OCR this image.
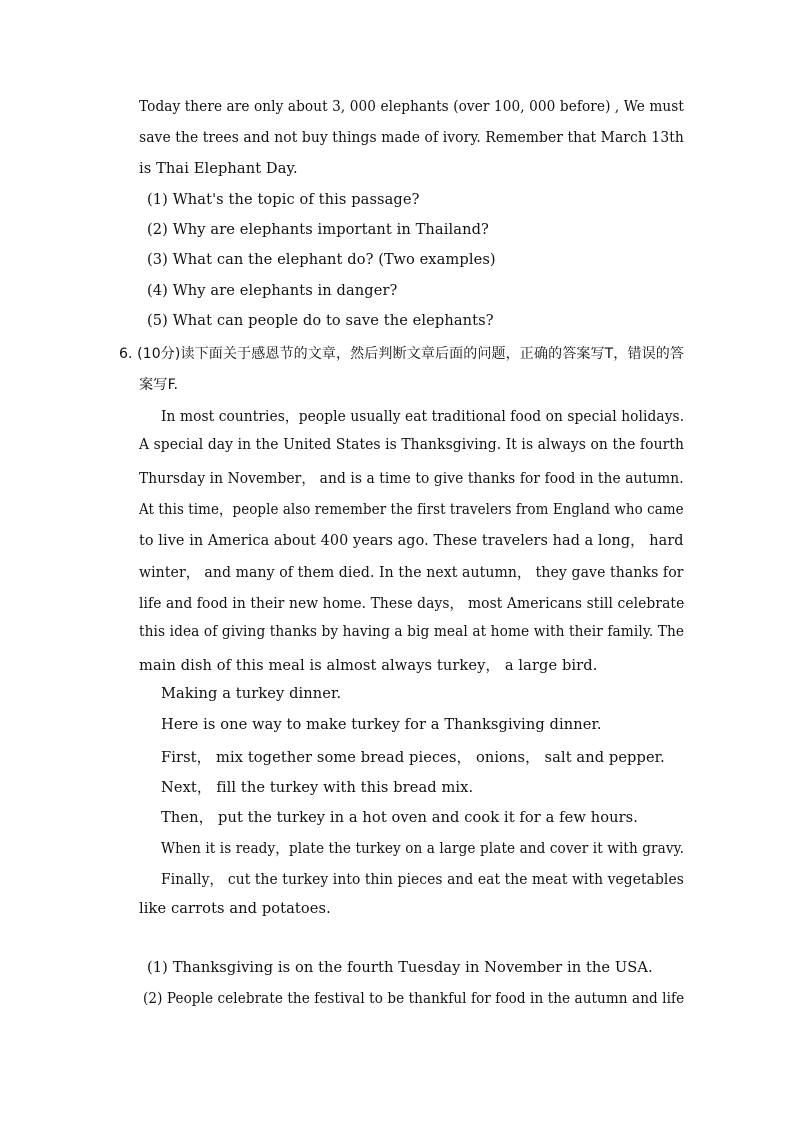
Today there are only about 3, 000 elephants (over 100, 000 before) , We must
save the trees and not buy things made of ivory. Remember that March 13th
is Thai Elephant Day.
(1) What's the topic of this passage?
(2) Why are elephants important in Thailand?
(3) What can the elephant do? (Two examples)
(4) Why are elephants in danger?
(5) What can people do to save the elephants?
6. (10分)读下面关于感恩节的文章，然后判断文章后面的问题，正确的答案写T，错误的答
案写F.
In most countries，people usually eat traditional food on special holidays.
A special day in the United States is Thanksgiving. It is always on the fourth
Thursday in November， and is a time to give thanks for food in the autumn.
At this time，people also remember the first travelers from England who came
to live in America about 400 years ago. These travelers had a long， hard
winter， and many of them died. In the next autumn， they gave thanks for
life and food in their new home. These days， most Americans still celebrate
this idea of giving thanks by having a big meal at home with their family. The
main dish of this meal is almost always turkey， a large bird.
Making a turkey dinner.
Here is one way to make turkey for a Thanksgiving dinner.
First， mix together some bread pieces， onions， salt and pepper.
Next， fill the turkey with this bread mix.
Then， put the turkey in a hot oven and cook it for a few hours.
When it is ready，plate the turkey on a large plate and cover it with gravy.
Finally， cut the turkey into thin pieces and eat the meat with vegetables
like carrots and potatoes.
(1) Thanksgiving is on the fourth Tuesday in November in the USA.
(2) People celebrate the festival to be thankful for food in the autumn and life
